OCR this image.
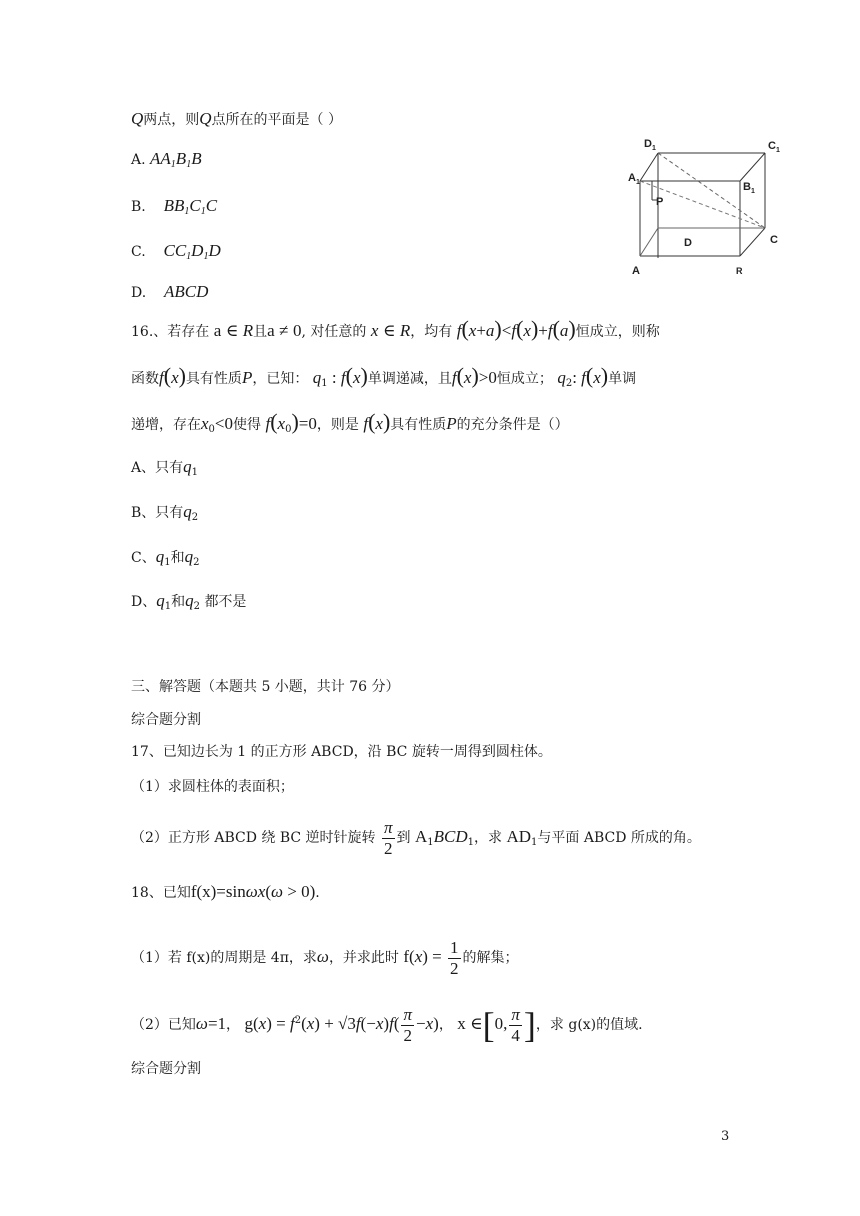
Q两点，则Q点所在的平面是（ ）
A. $AA_1B_1B$
B. $BB_1C_1C$
C. $CC_1D_1D$
D. ABCD
$D_1$	$C_1$
$A_1$	$B_1$
P
D	C
A	R
16.、若存在 a ∈ R且a ≠ 0, 对任意的 x ∈ R，均有 f(x+a)<f(x)+f(a)恒成立，则称
函数f(x)具有性质P，已知： $q_1$ : f(x)单调递减，且f(x)>0恒成立； $q_2$: f(x)单调
递增，存在$x_0<0$使得 $f(x_0)=0$，则是 f(x)具有性质P的充分条件是（）
A、只有$q_1$
B、只有$q_2$
C、$q_1$和$q_2$
D、$q_1$和$q_2$ 都不是
三、解答题（本题共 5 小题，共计 76 分）
综合题分割
17、已知边长为 1 的正方形 ABCD，沿 BC 旋转一周得到圆柱体。
（1）求圆柱体的表面积；
（2）正方形 ABCD 绕 BC 逆时针旋转 $\frac{\pi}{2}$ 到 $A_1BCD_1$，求 $AD_1$与平面 ABCD 所成的角。
18、已知f(x)=sinωx(ω > 0).
（1）若 f(x)的周期是 4π，求ω，并求此时 $f(x) = \frac{1}{2}$ 的解集；
（2）已知ω=1， $g(x) = f^2(x) + √3f(-x)f( \frac{\pi}{2} -x)$， x ∈[0, $\frac{\pi}{4}$ ]，求 g(x)的值域.
综合题分割
3
